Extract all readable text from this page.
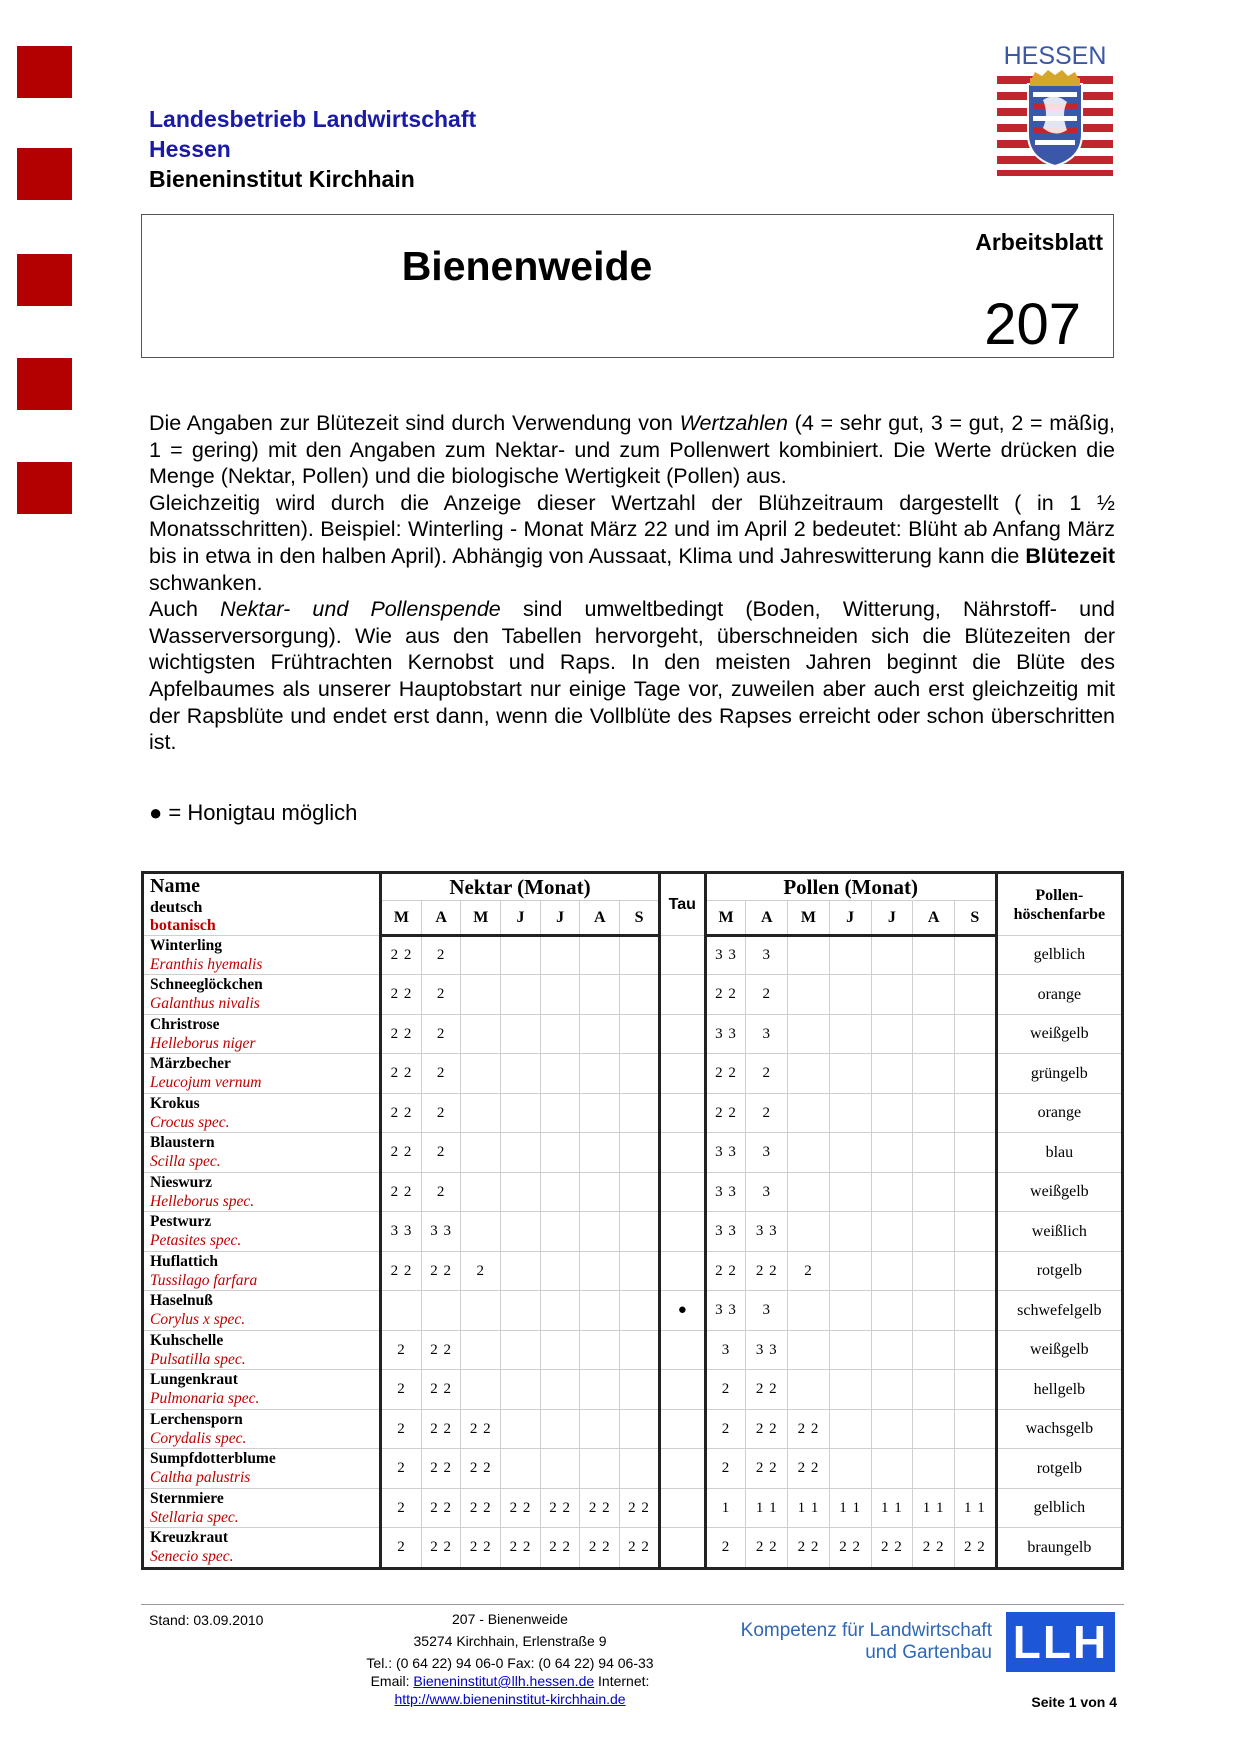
Landesbetrieb Landwirtschaft
Hessen
Bieneninstitut Kirchhain
HESSEN
Bienenweide
Arbeitsblatt
207

Die Angaben zur Blütezeit sind durch Verwendung von Wertzahlen (4 = sehr gut, 3 = gut, 2 = mäßig, 1 = gering) mit den Angaben zum Nektar- und zum Pollenwert kombiniert. Die Werte drücken die Menge (Nektar, Pollen) und die biologische Wertigkeit (Pollen) aus.

Gleichzeitig wird durch die Anzeige dieser Wertzahl der Blühzeitraum dargestellt ( in 1 ½ Monatsschritten). Beispiel: Winterling - Monat März 22 und im April 2 bedeutet: Blüht ab Anfang März bis in etwa in den halben April). Abhängig von Aussaat, Klima und Jahreswitterung kann die Blütezeit schwanken.

Auch Nektar- und Pollenspende sind umweltbedingt (Boden, Witterung, Nährstoff- und Wasserversorgung). Wie aus den Tabellen hervorgeht, überschneiden sich die Blütezeiten der wichtigsten Frühtrachten Kernobst und Raps. In den meisten Jahren beginnt die Blüte des Apfelbaumes als unserer Hauptobstart nur einige Tage vor, zuweilen aber auch erst gleichzeitig mit der Rapsblüte und endet erst dann, wenn die Vollblüte des Rapses erreicht oder schon überschritten ist.

● = Honigtau möglich
Name
deutsch
botanisch	Nektar (Monat)							Tau	Pollen (Monat)							Pollen-
höschenfarbe
	M	A	M	J	J	A	S		M	A	M	J	J	A	S	

Winterling
Eranthis hyemalis	2 2	2							3 3	3						gelblich

Schneeglöckchen
Galanthus nivalis	2 2	2							2 2	2						orange

Christrose
Helleborus niger	2 2	2							3 3	3						weißgelb

Märzbecher
Leucojum vernum	2 2	2							2 2	2						grüngelb

Krokus
Crocus spec.	2 2	2							2 2	2						orange

Blaustern
Scilla spec.	2 2	2							3 3	3						blau

Nieswurz
Helleborus spec.	2 2	2							3 3	3						weißgelb

Pestwurz
Petasites spec.	3 3	3 3							3 3	3 3						weißlich

Huflattich
Tussilago farfara	2 2	2 2	2						2 2	2 2	2					rotgelb

Haselnuß
Corylus x spec.								●	3 3	3						schwefelgelb

Kuhschelle
Pulsatilla spec.	2	2 2							3	3 3						weißgelb

Lungenkraut
Pulmonaria spec.	2	2 2							2	2 2						hellgelb

Lerchensporn
Corydalis spec.	2	2 2	2 2						2	2 2	2 2					wachsgelb

Sumpfdotterblume
Caltha palustris	2	2 2	2 2						2	2 2	2 2					rotgelb

Sternmiere
Stellaria spec.	2	2 2	2 2	2 2	2 2	2 2	2 2		1	1 1	1 1	1 1	1 1	1 1	1 1	gelblich

Kreuzkraut
Senecio spec.	2	2 2	2 2	2 2	2 2	2 2	2 2		2	2 2	2 2	2 2	2 2	2 2	2 2	braungelb
Stand: 03.09.2010	207 - Bienenweide
35274 Kirchhain, Erlenstraße 9
Tel.: (0 64 22) 94 06-0 Fax: (0 64 22) 94 06-33
Email: Bieneninstitut@llh.hessen.de Internet:
http://www.bieneninstitut-kirchhain.de
Kompetenz für Landwirtschaft
und Gartenbau LLH
Seite 1 von 4
